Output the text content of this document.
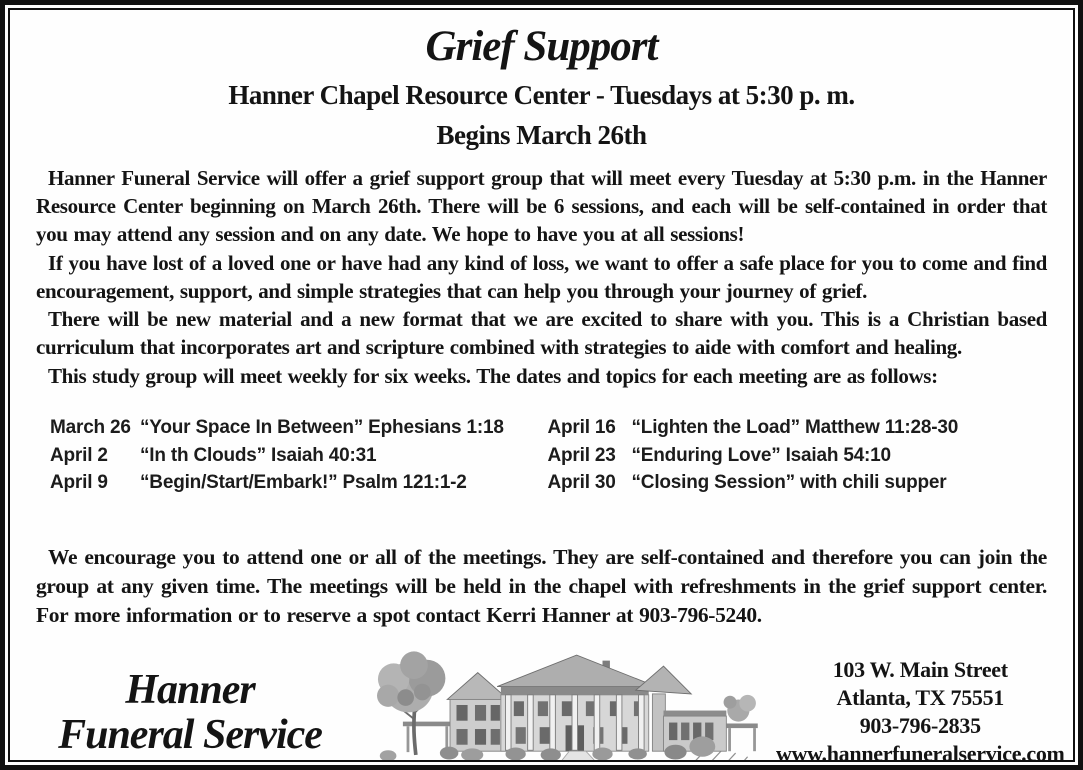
Grief Support
Hanner Chapel Resource Center - Tuesdays at 5:30 p. m.
Begins March 26th

Hanner Funeral Service will offer a grief support group that will meet every Tuesday at 5:30 p.m. in the Hanner Resource Center beginning on March 26th. There will be 6 sessions, and each will be self-contained in order that you may attend any session and on any date. We hope to have you at all sessions!

If you have lost of a loved one or have had any kind of loss, we want to offer a safe place for you to come and find encouragement, support, and simple strategies that can help you through your journey of grief.

There will be new material and a new format that we are excited to share with you. This is a Christian based curriculum that incorporates art and scripture combined with strategies to aide with comfort and healing.

This study group will meet weekly for six weeks. The dates and topics for each meeting are as follows:

March 26 “Your Space In Between” Ephesians 1:18
April 2	“In th Clouds” Isaiah 40:31
April 9	“Begin/Start/Embark!” Psalm 121:1-2
April 16 “Lighten the Load” Matthew 11:28-30
April 23 “Enduring Love” Isaiah 54:10
April 30 “Closing Session” with chili supper

We encourage you to attend one or all of the meetings. They are self-contained and therefore you can join the group at any given time. The meetings will be held in the chapel with refreshments in the grief support center. For more information or to reserve a spot contact Kerri Hanner at 903-796-5240.

Hanner
Funeral Service
103 W. Main Street
Atlanta, TX 75551
903-796-2835
www.hannerfuneralservice.com
